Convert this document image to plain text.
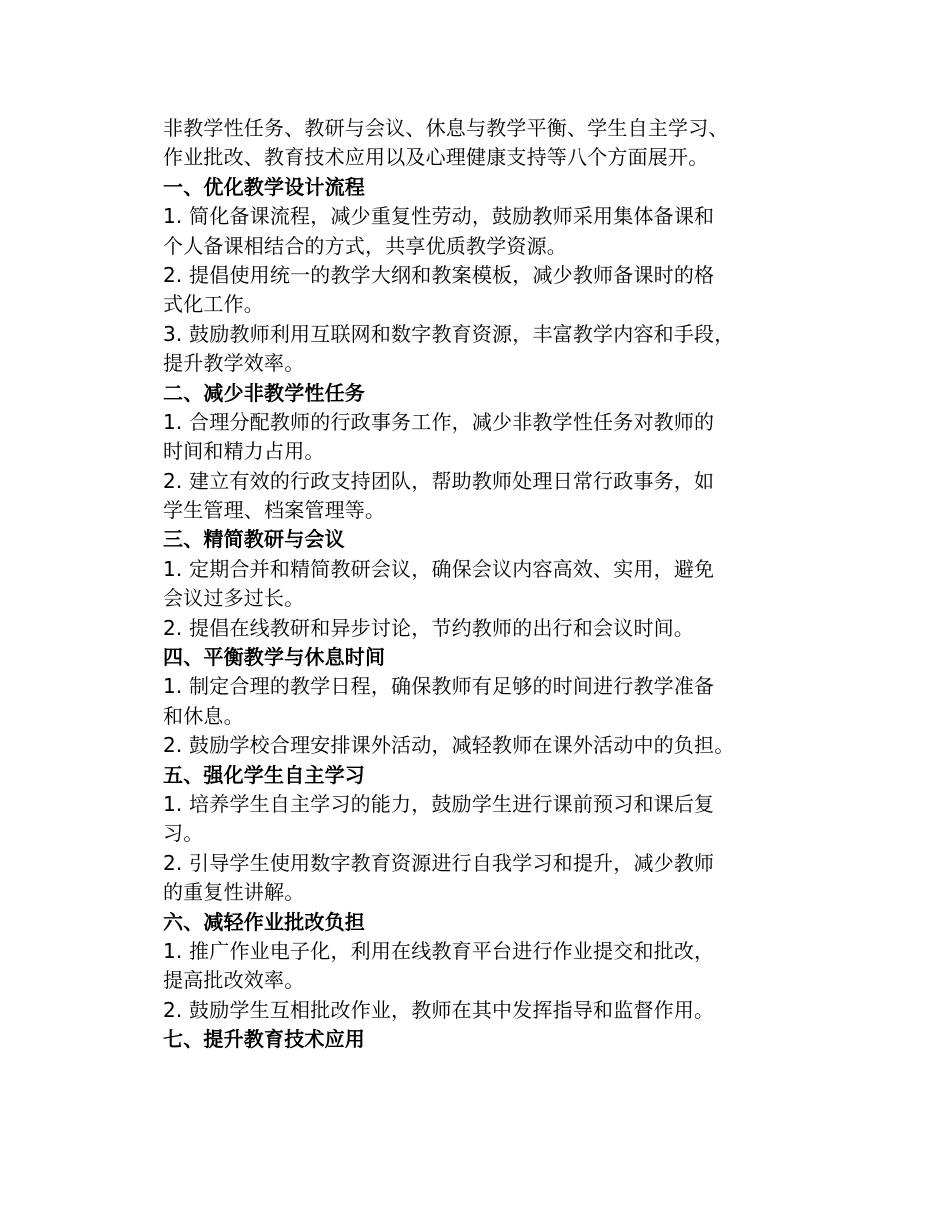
非教学性任务、教研与会议、休息与教学平衡、学生自主学习、
作业批改、教育技术应用以及心理健康支持等八个方面展开。
一、优化教学设计流程
1. 简化备课流程，减少重复性劳动，鼓励教师采用集体备课和
个人备课相结合的方式，共享优质教学资源。
2. 提倡使用统一的教学大纲和教案模板，减少教师备课时的格
式化工作。
3. 鼓励教师利用互联网和数字教育资源，丰富教学内容和手段，
提升教学效率。
二、减少非教学性任务
1. 合理分配教师的行政事务工作，减少非教学性任务对教师的
时间和精力占用。
2. 建立有效的行政支持团队，帮助教师处理日常行政事务，如
学生管理、档案管理等。
三、精简教研与会议
1. 定期合并和精简教研会议，确保会议内容高效、实用，避免
会议过多过长。
2. 提倡在线教研和异步讨论，节约教师的出行和会议时间。
四、平衡教学与休息时间
1. 制定合理的教学日程，确保教师有足够的时间进行教学准备
和休息。
2. 鼓励学校合理安排课外活动，减轻教师在课外活动中的负担。
五、强化学生自主学习
1. 培养学生自主学习的能力，鼓励学生进行课前预习和课后复
习。
2. 引导学生使用数字教育资源进行自我学习和提升，减少教师
的重复性讲解。
六、减轻作业批改负担
1. 推广作业电子化，利用在线教育平台进行作业提交和批改，
提高批改效率。
2. 鼓励学生互相批改作业，教师在其中发挥指导和监督作用。
七、提升教育技术应用
